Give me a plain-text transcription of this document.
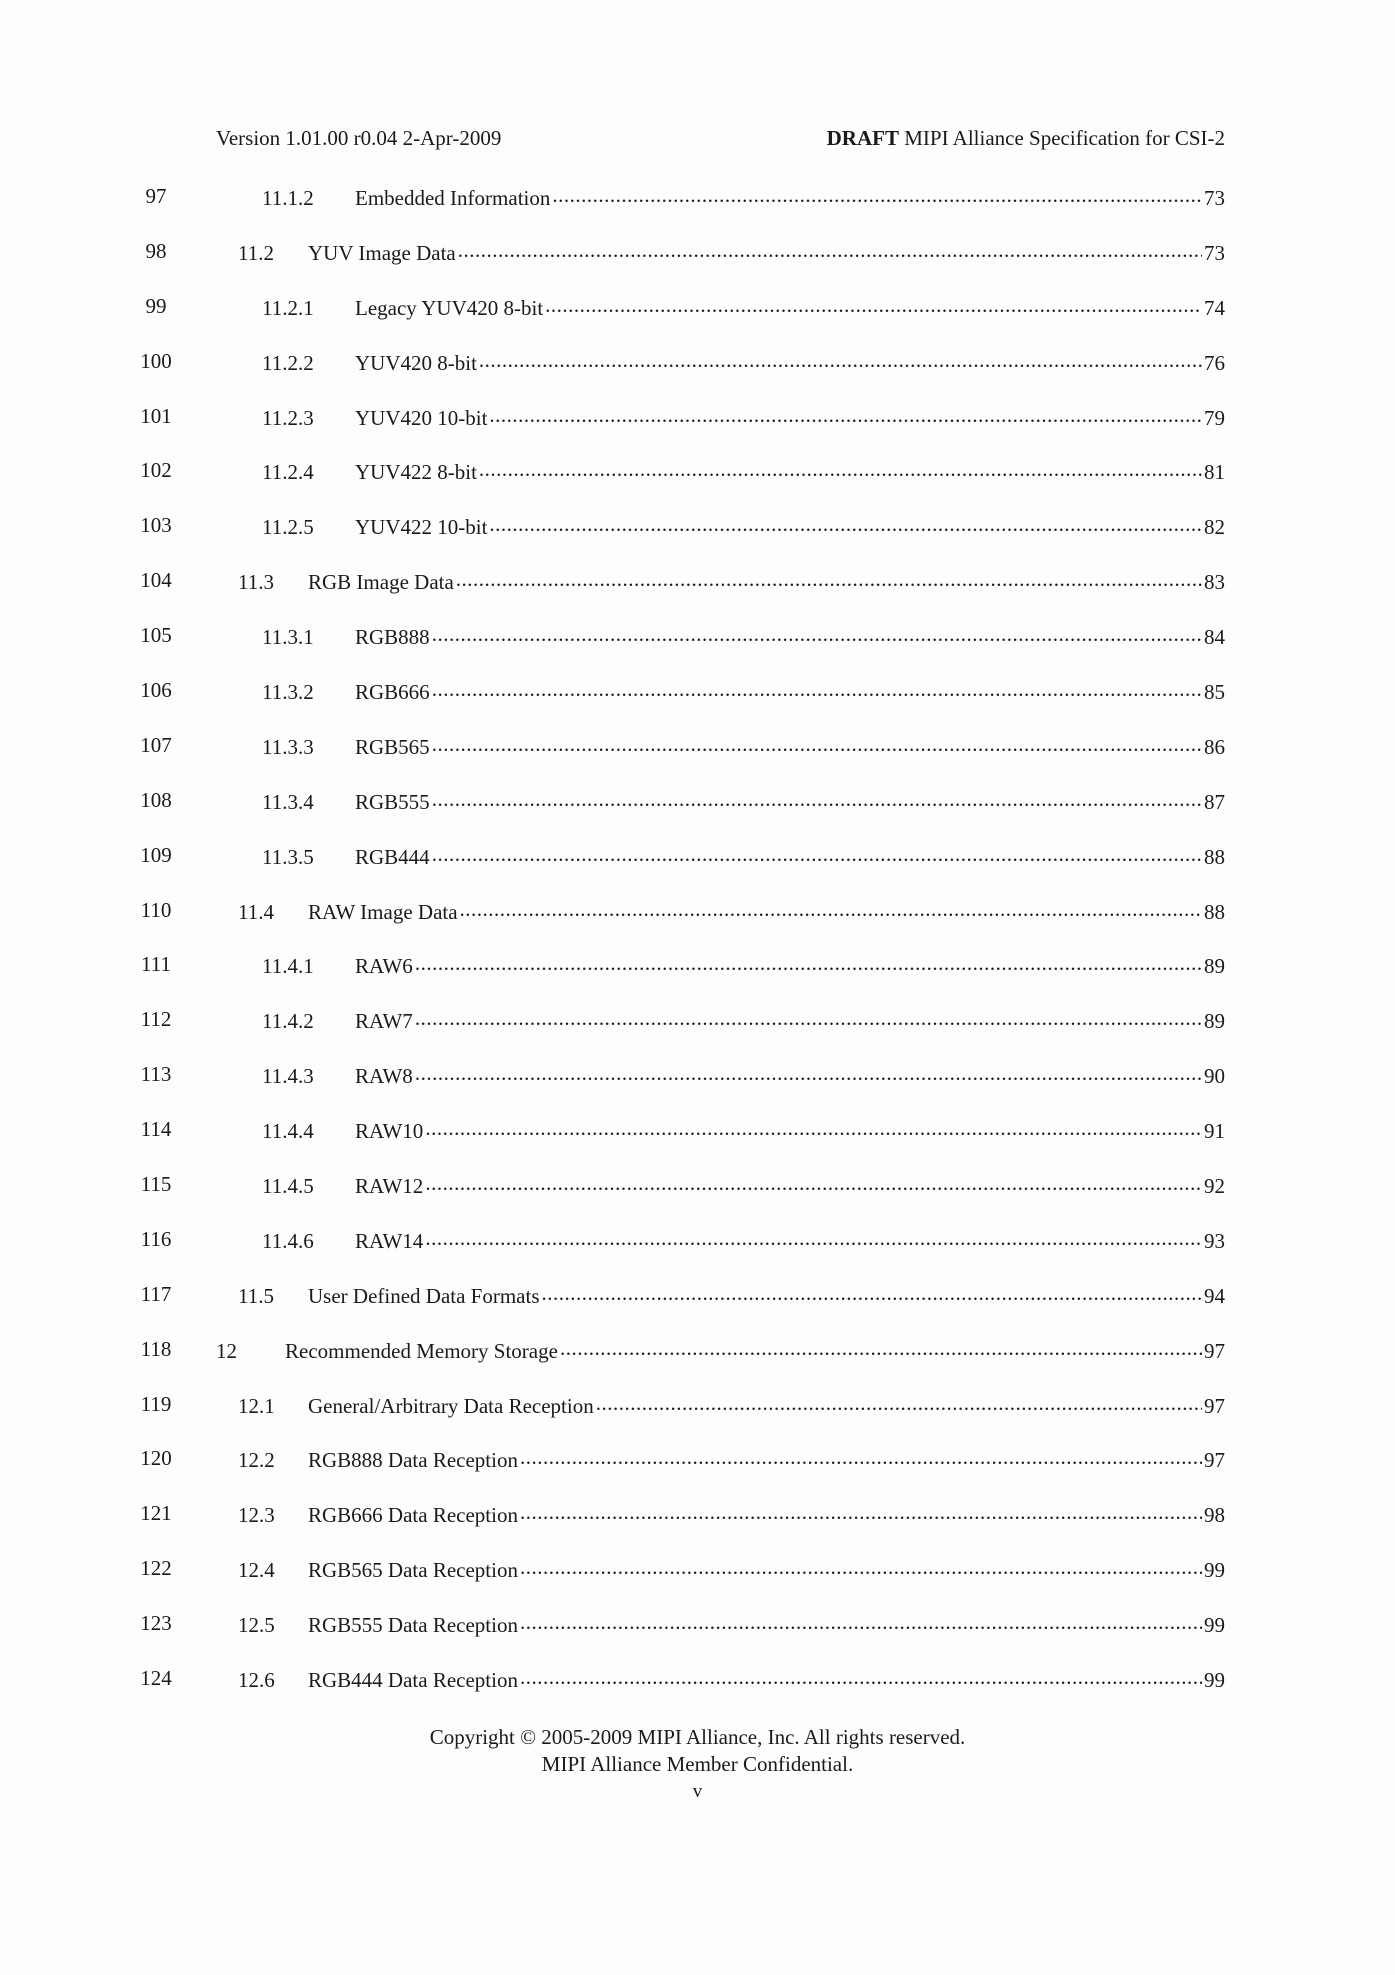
Version 1.01.00 r0.04 2-Apr-2009	DRAFT MIPI Alliance Specification for CSI-2
97	11.1.2	Embedded Information .....	73
98	11.2	YUV Image Data .....	73
99	11.2.1	Legacy YUV420 8-bit .....	74
100	11.2.2	YUV420 8-bit .....	76
101	11.2.3	YUV420 10-bit .....	79
102	11.2.4	YUV422 8-bit .....	81
103	11.2.5	YUV422 10-bit .....	82
104	11.3	RGB Image Data .....	83
105	11.3.1	RGB888 .....	84
106	11.3.2	RGB666 .....	85
107	11.3.3	RGB565 .....	86
108	11.3.4	RGB555 .....	87
109	11.3.5	RGB444 .....	88
110	11.4	RAW Image Data .....	88
111	11.4.1	RAW6 .....	89
112	11.4.2	RAW7 .....	89
113	11.4.3	RAW8 .....	90
114	11.4.4	RAW10 .....	91
115	11.4.5	RAW12 .....	92
116	11.4.6	RAW14 .....	93
117	11.5	User Defined Data Formats .....	94
118 12	Recommended Memory Storage .....	97
119	12.1	General/Arbitrary Data Reception .....	97
120	12.2	RGB888 Data Reception .....	97
121	12.3	RGB666 Data Reception .....	98
122	12.4	RGB565 Data Reception .....	99
123	12.5	RGB555 Data Reception .....	99
124	12.6	RGB444 Data Reception .....	99
Copyright © 2005-2009 MIPI Alliance, Inc. All rights reserved.
MIPI Alliance Member Confidential.
v
